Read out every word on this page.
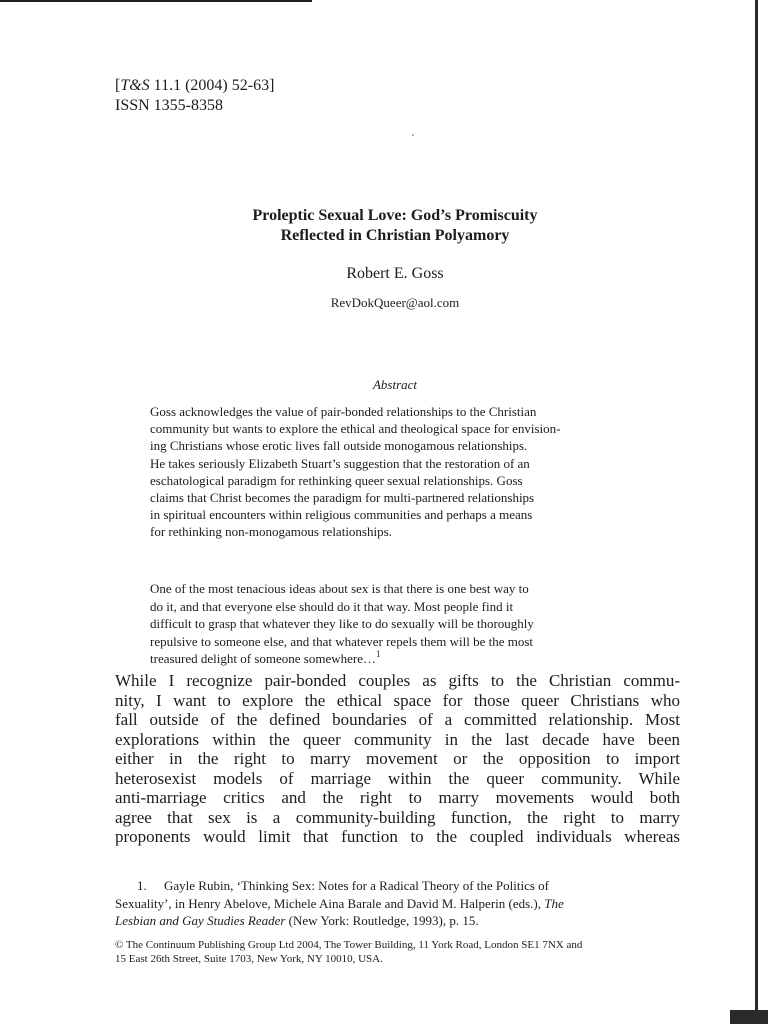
[T&S 11.1 (2004) 52-63]
ISSN 1355-8358
Proleptic Sexual Love: God’s Promiscuity
Reflected in Christian Polyamory
Robert E. Goss
RevDokQueer@aol.com
Abstract
Goss acknowledges the value of pair-bonded relationships to the Christian
community but wants to explore the ethical and theological space for envision-
ing Christians whose erotic lives fall outside monogamous relationships.
He takes seriously Elizabeth Stuart’s suggestion that the restoration of an
eschatological paradigm for rethinking queer sexual relationships. Goss
claims that Christ becomes the paradigm for multi-partnered relationships
in spiritual encounters within religious communities and perhaps a means
for rethinking non-monogamous relationships.
One of the most tenacious ideas about sex is that there is one best way to
do it, and that everyone else should do it that way. Most people find it
difficult to grasp that whatever they like to do sexually will be thoroughly
repulsive to someone else, and that whatever repels them will be the most
treasured delight of someone somewhere…$^1$
While I recognize pair-bonded couples as gifts to the Christian commu-
nity, I want to explore the ethical space for those queer Christians who
fall outside of the defined boundaries of a committed relationship. Most
explorations within the queer community in the last decade have been
either in the right to marry movement or the opposition to import
heterosexist models of marriage within the queer community. While
anti-marriage critics and the right to marry movements would both
agree that sex is a community-building function, the right to marry
proponents would limit that function to the coupled individuals whereas
1. Gayle Rubin, ‘Thinking Sex: Notes for a Radical Theory of the Politics of
Sexuality’, in Henry Abelove, Michele Aina Barale and David M. Halperin (eds.), The
Lesbian and Gay Studies Reader (New York: Routledge, 1993), p. 15.
© The Continuum Publishing Group Ltd 2004, The Tower Building, 11 York Road, London SE1 7NX and
15 East 26th Street, Suite 1703, New York, NY 10010, USA.
